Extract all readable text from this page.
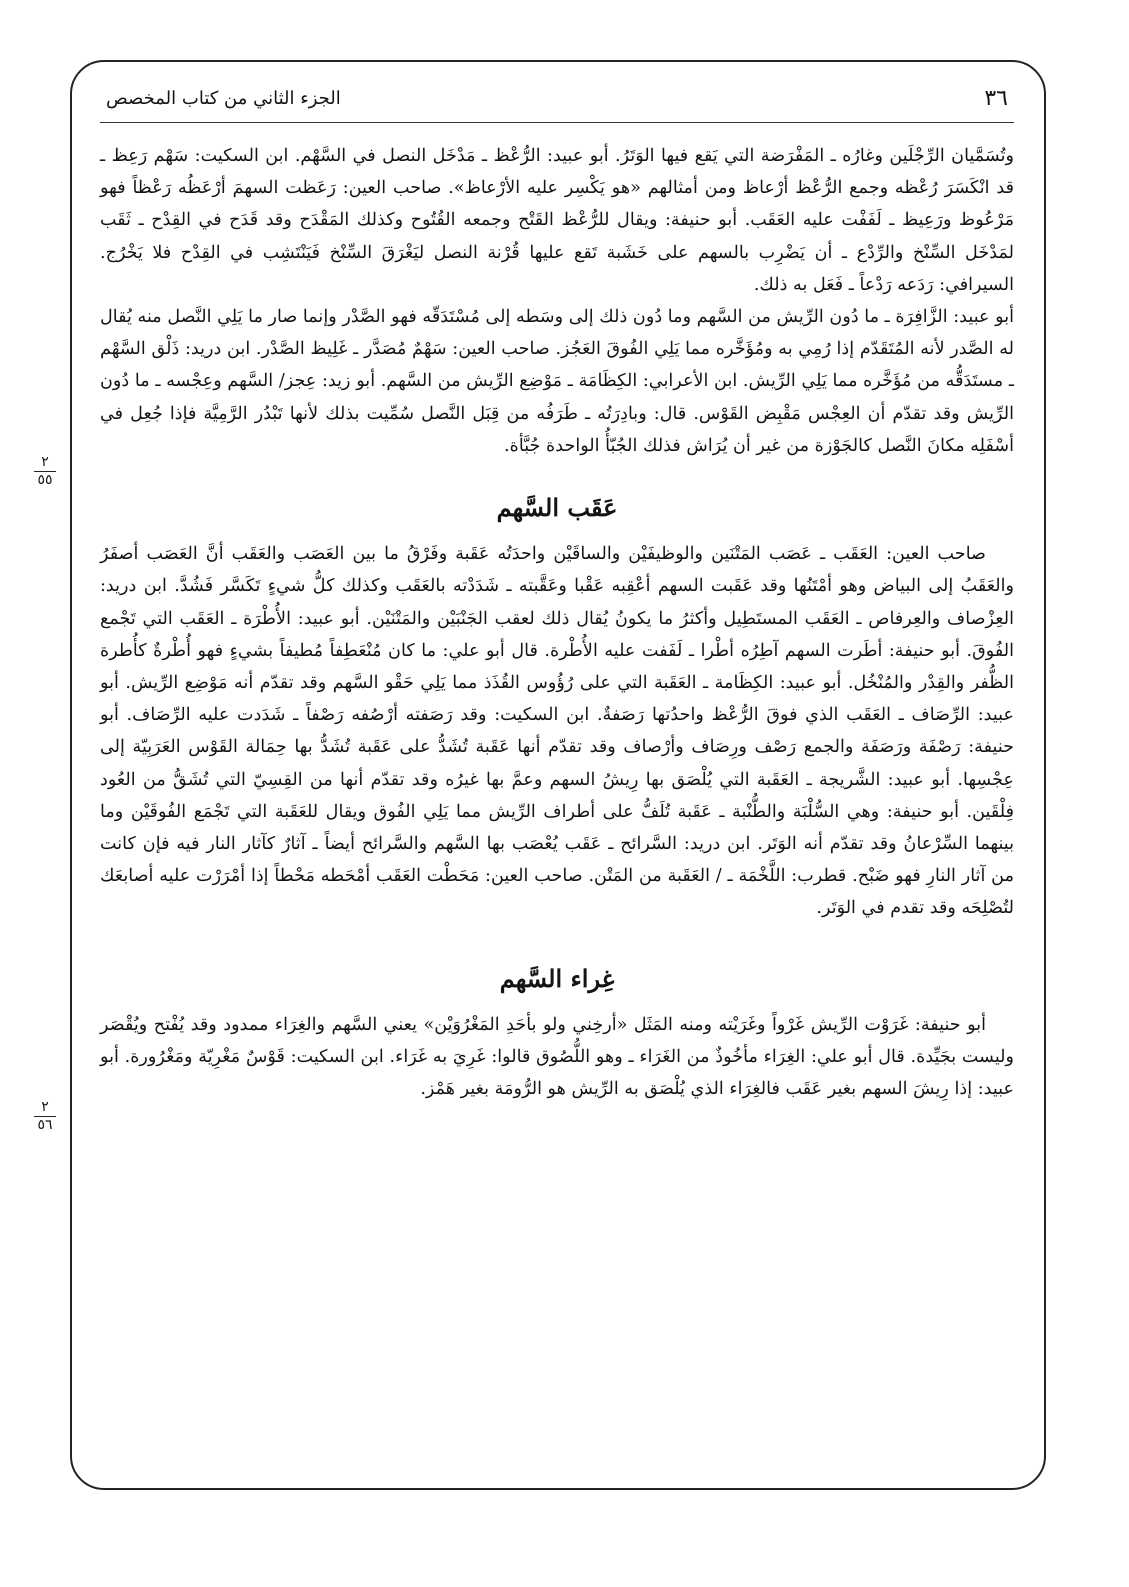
٣٦
الجزء الثاني من كتاب المخصص
٢
٥٥
٢
٥٦

وتُسَمَّيان الرِّجْلَين وغارُه ـ المَفْرَضة التي يَقع فيها الوَتَرُ. أبو عبيد: الرُّعْظ ـ مَدْخَل النصل في السَّهْم. ابن السكيت: سَهْم رَعِظ ـ قد انْكَسَرَ رُعْظه وجمع الرُّعْظ أرْعاظ ومن أمثالهم «هو يَكْسِر عليه الأرْعاظ». صاحب العين: رَعَظت السهمَ أرْعَظُه رَعْظاً فهو مَرْعُوظ ورَعِيظ ـ لَفَفْت عليه العَقَب. أبو حنيفة: ويقال للرُّعْظ القَتْح وجمعه القُتُوح وكذلك المَقْدَح وقد قَدَح في القِدْح ـ ثَقَب لمَدْخَل السِّنْخ والرِّدْع ـ أن يَضْرِب بالسهم على خَشَبة تَقع عليها قُرْنة النصل ليَغْرَقَ السِّنْخ فَيَنْتَشِب في القِدْح فلا يَخْرُج. السيرافي: رَدَعه رَدْعاً ـ فَعَل به ذلك.

أبو عبيد: الزَّافِرَة ـ ما دُون الرِّيش من السَّهم وما دُون ذلك إلى وسَطه إلى مُسْتَدَقّه فهو الصَّدْر وإنما صار ما يَلِي النَّصل منه يُقال له الصَّدر لأنه المُتَقَدّم إذا رُمِي به ومُؤَخَّره مما يَلِي الفُوقَ العَجُز. صاحب العين: سَهْمٌ مُصَدَّر ـ غَلِيظ الصَّدْر. ابن دريد: ذَلْق السَّهْم ـ مستَدَقُّه من مُؤَخَّره مما يَلِي الرِّيش. ابن الأعرابي: الكِظَامَة ـ مَوْضِع الرِّيش من السَّهم. أبو زيد: عِجز/ السَّهم وعِجْسه ـ ما دُون الرِّيش وقد تقدّم أن العِجْس مَقْبِض القَوْس. قال: وبادِرَتُه ـ طَرَفُه من قِبَل النَّصل سُمِّيت بذلك لأنها تَبْدُر الرَّمِيَّة فإذا جُعِل في أسْفَلِه مكانَ النَّصل كالجَوْزة من غير أن يُرَاش فذلك الجُبّأُ الواحدة جُبَّأة.

عَقَب السَّهم

صاحب العين: العَقَب ـ عَصَب المَتْنَين والوظيفَيْن والساقَيْن واحدَتُه عَقَبة وفَرْقُ ما بين العَصَب والعَقَب أنَّ العَصَب أصفَرُ والعَقَبُ إلى البياض وهو أمْتَنُها وقد عَقَبت السهم أعْقِبه عَقْبا وعَقَّبته ـ شَدَدْته بالعَقَب وكذلك كلُّ شيءٍ تَكَسَّر فَشُدَّ. ابن دريد: العِزْصاف والعِرفاص ـ العَقَب المستَطِيل وأكثرُ ما يكونُ يُقال ذلك لعقب الجَنْبَيْن والمَتْنَيْن. أبو عبيد: الأُطْرَة ـ العَقَب التي تَجْمع الفُوقَ. أبو حنيفة: أطَرت السهم آطِرُه أطْرا ـ لَفَفت عليه الأُطْرة. قال أبو علي: ما كان مُنْعَطِفاً مُطيفاً بشيءٍ فهو أُطْرةٌ كأُطرة الظُّفر والقِدْر والمُنْخُل. أبو عبيد: الكِظَامة ـ العَقَبة التي على رُؤُوس القُذَذ مما يَلِي حَقْو السَّهم وقد تقدّم أنه مَوْضِع الرِّيش. أبو عبيد: الرِّصَاف ـ العَقَب الذي فوقَ الرُّعْظ واحدُتها رَصَفةٌ. ابن السكيت: وقد رَصَفته أرْصُفه رَصْفاً ـ شَدَدت عليه الرِّصَاف. أبو حنيفة: رَصْفَة ورَصَفَة والجمع رَصْف ورِصَاف وأرْصاف وقد تقدّم أنها عَقَبة تُشَدُّ على عَقَبة تُشَدُّ بها حِمَالة القَوْس العَرَبِيّة إلى عِجْسِها. أبو عبيد: الشَّريجة ـ العَقَبة التي يُلْصَق بها رِيشُ السهم وعمَّ بها غيرُه وقد تقدّم أنها من القِسِيّ التي تُشَقُّ من العُود فِلْقَين. أبو حنيفة: وهي السُّلْبَة والطُّنْبة ـ عَقَبة تُلَفُّ على أطراف الرِّيش مما يَلِي الفُوق ويقال للعَقَبة التي تَجْمَع الفُوقَيْن وما بينهما السِّرْعانُ وقد تقدّم أنه الوَتَر. ابن دريد: السَّرائح ـ عَقَب يُعْصَب بها السَّهم والسَّرائح أيضاً ـ آثارٌ كآثار النار فيه فإن كانت من آثار النارِ فهو ضَبْح. قطرب: اللَّخْمَة ـ / العَقَبة من المَتْن. صاحب العين: مَحَطْت العَقَب أمْحَطه مَحْطاً إذا أمْرَرْت عليه أصابعَك لتُصْلِحَه وقد تقدم في الوَتَر.

غِراء السَّهم

أبو حنيفة: غَرَوْت الرِّيش غَرْواً وغَرَيْته ومنه المَثَل «أرخِني ولو بأحَدِ المَغْرُوَيْن» يعني السَّهم والغِرَاء ممدود وقد يُفْتح ويُقْصَر وليست بجَيِّدة. قال أبو علي: الغِرَاء مأخُوذٌ من الغَرَاء ـ وهو اللُّصُوق قالوا: غَرِيَ به غَرَاء. ابن السكيت: قَوْسٌ مَغْرِيّة ومَغْرُورة. أبو عبيد: إذا رِيشَ السهم بغير عَقَب فالغِرَاء الذي يُلْصَق به الرِّيش هو الرُّومَة بغير هَمْز.
